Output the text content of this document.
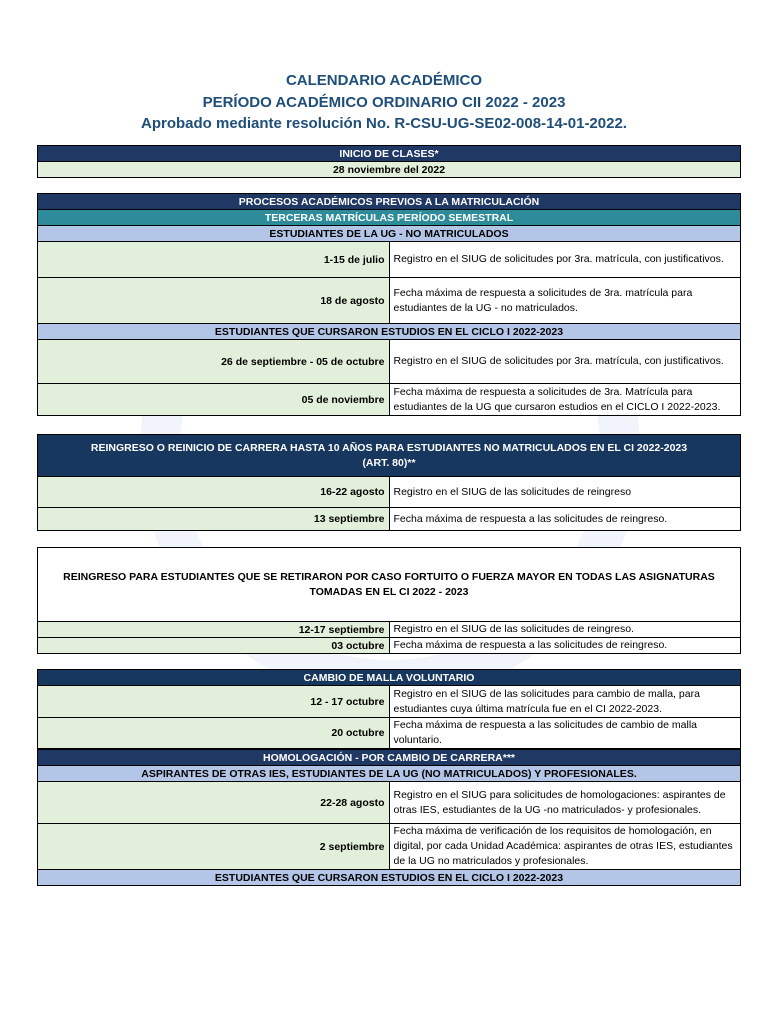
CALENDARIO ACADÉMICO
PERÍODO ACADÉMICO ORDINARIO CII 2022 - 2023
Aprobado mediante resolución No. R-CSU-UG-SE02-008-14-01-2022.
INICIO DE CLASES*
28 noviembre del 2022
PROCESOS ACADÉMICOS PREVIOS A LA MATRICULACIÓN	
TERCERAS MATRÍCULAS PERÍODO SEMESTRAL	
ESTUDIANTES DE LA UG - NO MATRICULADOS	
1-15 de julio	Registro en el SIUG de solicitudes por 3ra. matrícula, con justificativos.
18 de agosto	Fecha máxima de respuesta a solicitudes de 3ra. matrícula para estudiantes de la UG - no matriculados.
ESTUDIANTES QUE CURSARON ESTUDIOS EN EL CICLO I 2022-2023	
26 de septiembre - 05 de octubre	Registro en el SIUG de solicitudes por 3ra. matrícula, con justificativos.
05 de noviembre	Fecha máxima de respuesta a solicitudes de 3ra. Matrícula para estudiantes de la UG que cursaron estudios en el CICLO I 2022-2023.
REINGRESO O REINICIO DE CARRERA HASTA 10 AÑOS PARA ESTUDIANTES NO MATRICULADOS EN EL CI 2022-2023
(ART. 80)**	

16-22 agosto	Registro en el SIUG de las solicitudes de reingreso
13 septiembre	Fecha máxima de respuesta a las solicitudes de reingreso.
REINGRESO PARA ESTUDIANTES QUE SE RETIRARON POR CASO FORTUITO O FUERZA MAYOR EN TODAS LAS ASIGNATURAS TOMADAS EN EL CI 2022 - 2023	
12-17 septiembre	Registro en el SIUG de las solicitudes de reingreso.
03 octubre	Fecha máxima de respuesta a las solicitudes de reingreso.
CAMBIO DE MALLA VOLUNTARIO	
12 - 17 octubre	Registro en el SIUG de las solicitudes para cambio de malla, para estudiantes cuya última matrícula fue en el CI 2022-2023.
20 octubre	Fecha máxima de respuesta a las solicitudes de cambio de malla voluntario.
HOMOLOGACIÓN - POR CAMBIO DE CARRERA***	
ASPIRANTES DE OTRAS IES, ESTUDIANTES DE LA UG (NO MATRICULADOS) Y PROFESIONALES.	
22-28 agosto	Registro en el SIUG para solicitudes de homologaciones: aspirantes de otras IES, estudiantes de la UG -no matriculados- y profesionales.
2 septiembre	Fecha máxima de verificación de los requisitos de homologación, en digital, por cada Unidad Académica: aspirantes de otras IES, estudiantes de la UG no matriculados y profesionales.
ESTUDIANTES QUE CURSARON ESTUDIOS EN EL CICLO I 2022-2023	
